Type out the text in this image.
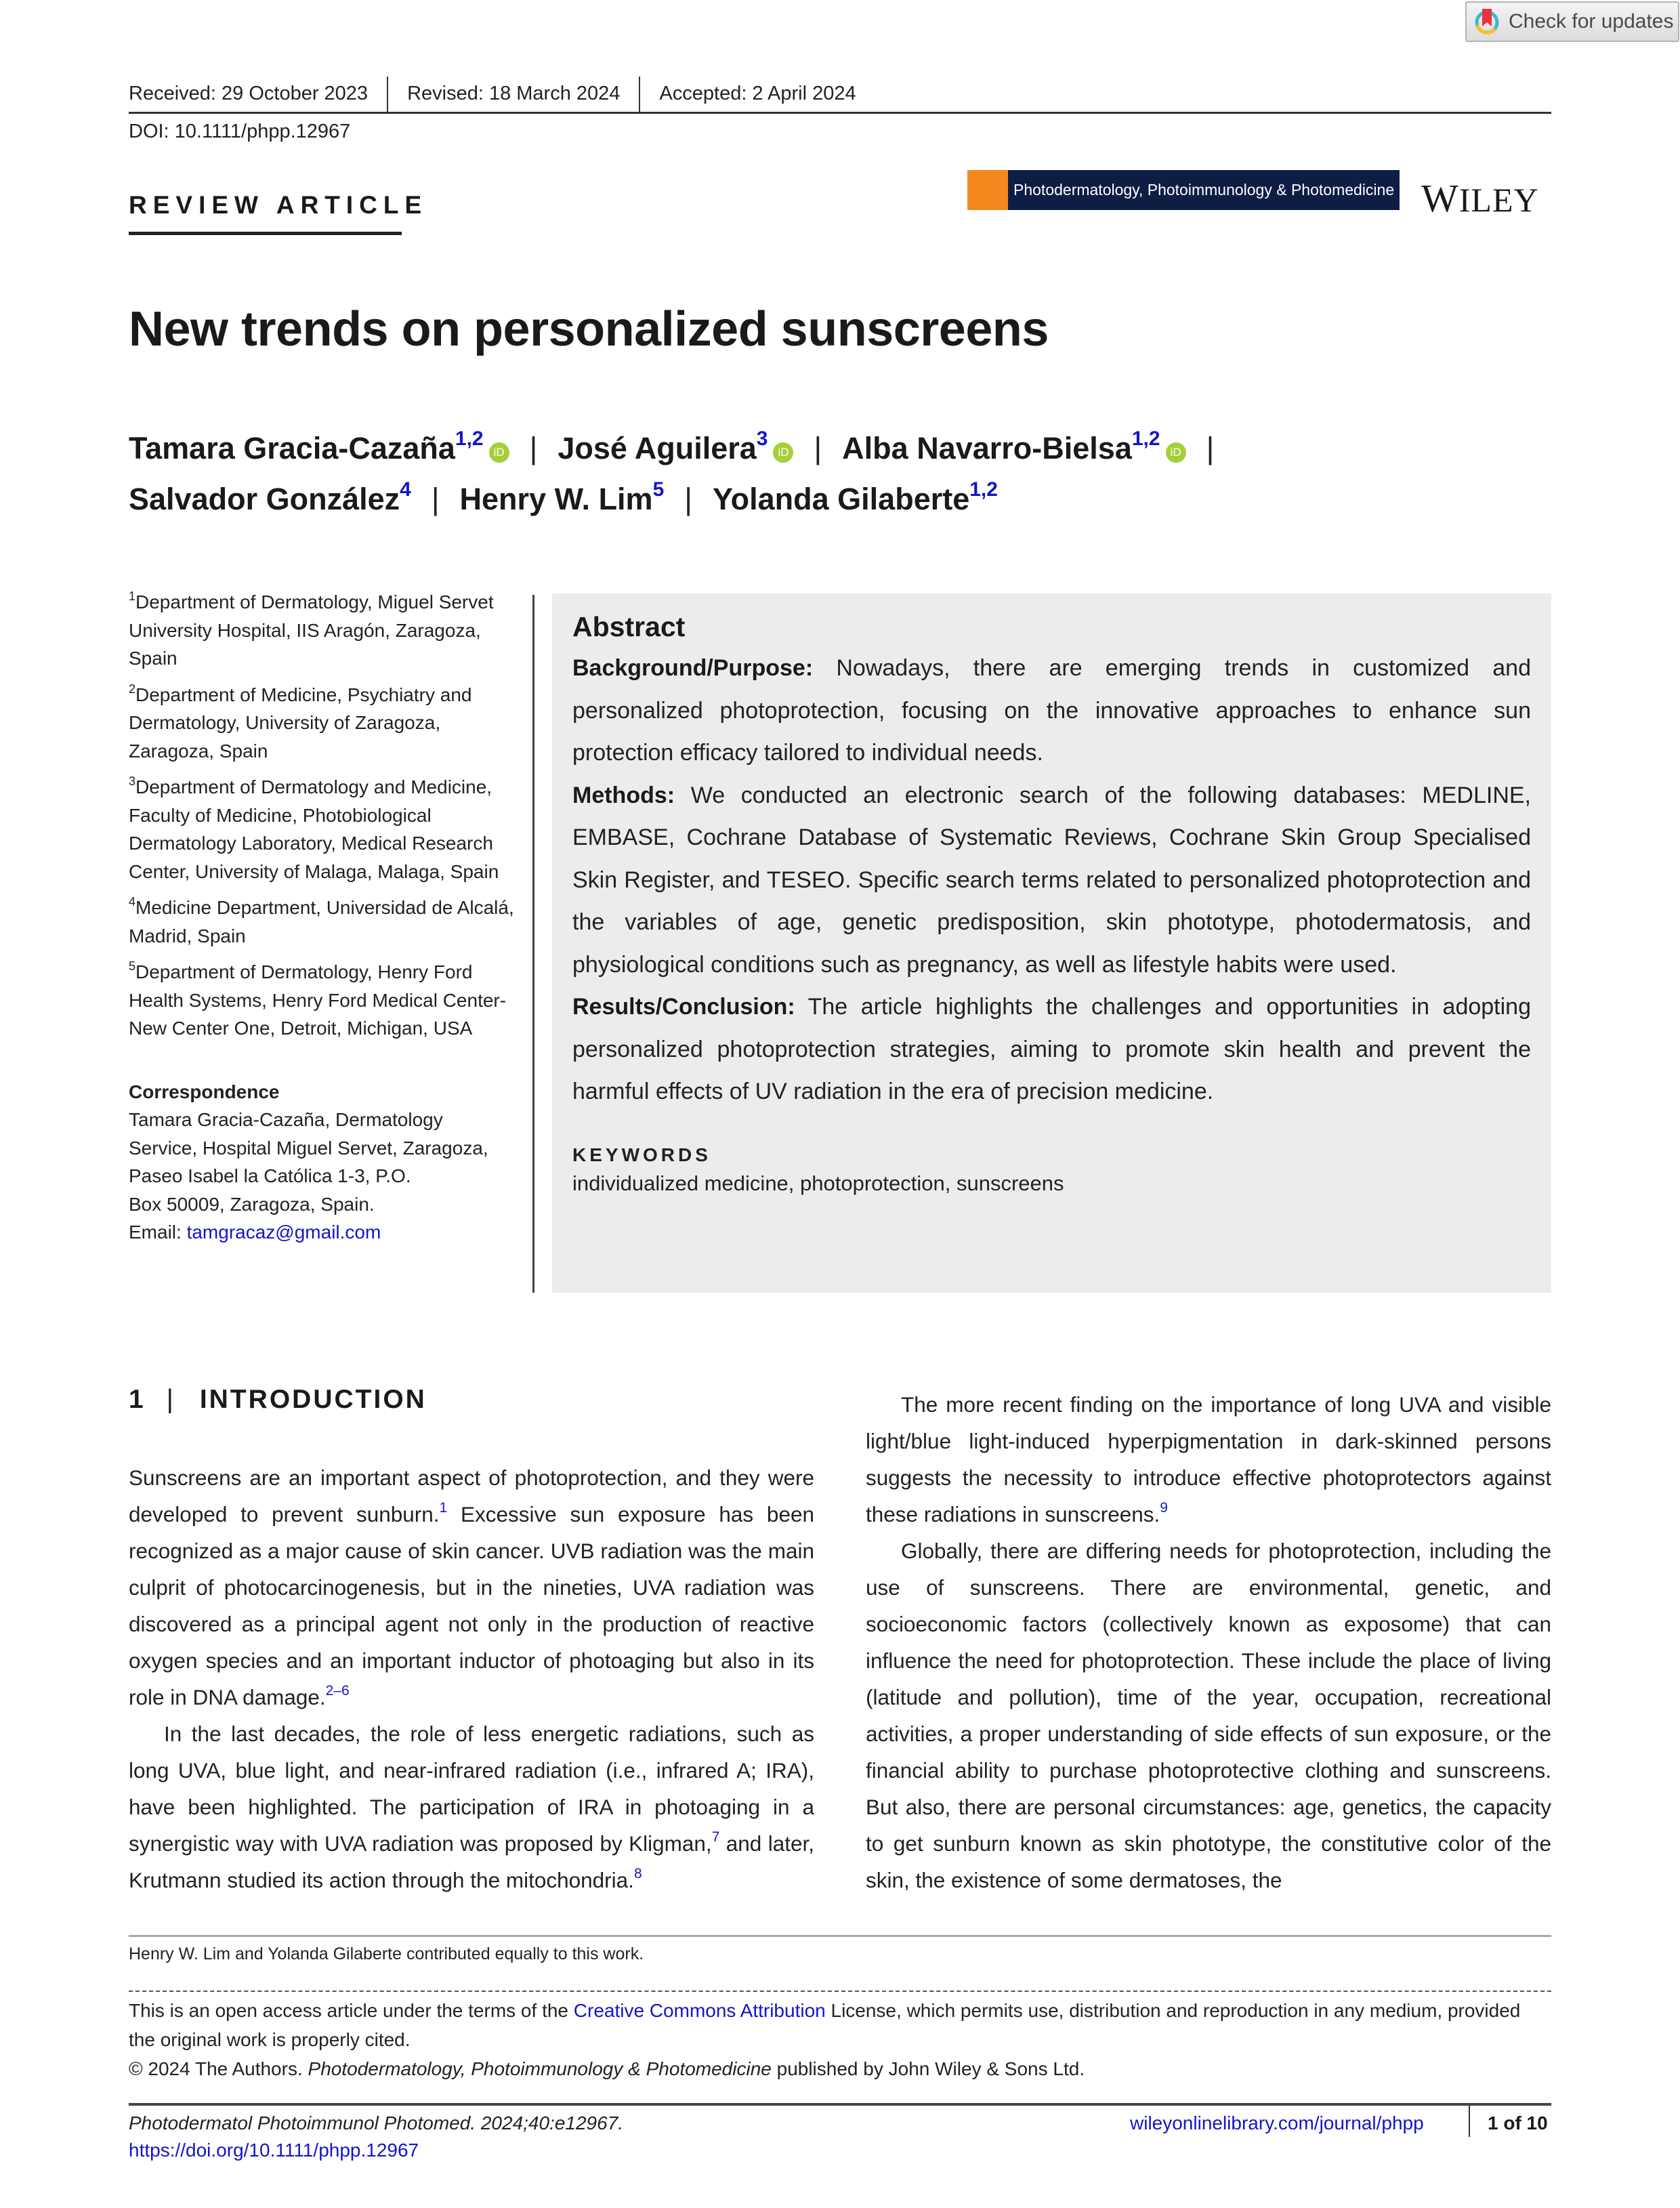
Check for updates
Received: 29 October 2023	Revised: 18 March 2024	Accepted: 2 April 2024
DOI: 10.1111/phpp.12967
REVIEW ARTICLE
Photodermatology, Photoimmunology & Photomedicine WILEY
New trends on personalized sunscreens
Tamara Gracia-Cazaña$^{1,2}$iD | José Aguilera$^3$iD | Alba Navarro-Bielsa$^{1,2}$iD |
Salvador González$^4$ | Henry W. Lim$^5$ | Yolanda Gilaberte$^{1,2}$
$^1$Department of Dermatology, Miguel Servet University Hospital, IIS Aragón, Zaragoza, Spain
$^2$Department of Medicine, Psychiatry and Dermatology, University of Zaragoza, Zaragoza, Spain
$^3$Department of Dermatology and Medicine, Faculty of Medicine, Photobiological Dermatology Laboratory, Medical Research Center, University of Malaga, Malaga, Spain
$^4$Medicine Department, Universidad de Alcalá, Madrid, Spain
$^5$Department of Dermatology, Henry Ford Health Systems, Henry Ford Medical Center-New Center One, Detroit, Michigan, USA
Correspondence
Tamara Gracia-Cazaña, Dermatology
Service, Hospital Miguel Servet, Zaragoza,
Paseo Isabel la Católica 1-3, P.O.
Box 50009, Zaragoza, Spain.
Email: tamgracaz@gmail.com
Abstract
Background/Purpose: Nowadays, there are emerging trends in customized and personalized photoprotection, focusing on the innovative approaches to enhance sun protection efficacy tailored to individual needs.
Methods: We conducted an electronic search of the following databases: MEDLINE, EMBASE, Cochrane Database of Systematic Reviews, Cochrane Skin Group Specialised Skin Register, and TESEO. Specific search terms related to personalized photoprotection and the variables of age, genetic predisposition, skin phototype, photodermatosis, and physiological conditions such as pregnancy, as well as lifestyle habits were used.
Results/Conclusion: The article highlights the challenges and opportunities in adopting personalized photoprotection strategies, aiming to promote skin health and prevent the harmful effects of UV radiation in the era of precision medicine.
KEYWORDS
individualized medicine, photoprotection, sunscreens
1 | INTRODUCTION

Sunscreens are an important aspect of photoprotection, and they were developed to prevent sunburn.$^1$ Excessive sun exposure has been recognized as a major cause of skin cancer. UVB radiation was the main culprit of photocarcinogenesis, but in the nineties, UVA radiation was discovered as a principal agent not only in the production of reactive oxygen species and an important inductor of photoaging but also in its role in DNA damage.$^{2-6}$

In the last decades, the role of less energetic radiations, such as long UVA, blue light, and near-infrared radiation (i.e., infrared A; IRA), have been highlighted. The participation of IRA in photoaging in a synergistic way with UVA radiation was proposed by Kligman,$^7$ and later, Krutmann studied its action through the mitochondria.$^8$

The more recent finding on the importance of long UVA and visible light/blue light-induced hyperpigmentation in dark-skinned persons suggests the necessity to introduce effective photoprotectors against these radiations in sunscreens.$^9$

Globally, there are differing needs for photoprotection, including the use of sunscreens. There are environmental, genetic, and socioeconomic factors (collectively known as exposome) that can influence the need for photoprotection. These include the place of living (latitude and pollution), time of the year, occupation, recreational activities, a proper understanding of side effects of sun exposure, or the financial ability to purchase photoprotective clothing and sunscreens. But also, there are personal circumstances: age, genetics, the capacity to get sunburn known as skin phototype, the constitutive color of the skin, the existence of some dermatoses, the

Henry W. Lim and Yolanda Gilaberte contributed equally to this work.
This is an open access article under the terms of the Creative Commons Attribution License, which permits use, distribution and reproduction in any medium, provided the original work is properly cited.
© 2024 The Authors. Photodermatology, Photoimmunology & Photomedicine published by John Wiley & Sons Ltd.
Photodermatol Photoimmunol Photomed. 2024;40:e12967.
https://doi.org/10.1111/phpp.12967
wileyonlinelibrary.com/journal/phpp	1 of 10
